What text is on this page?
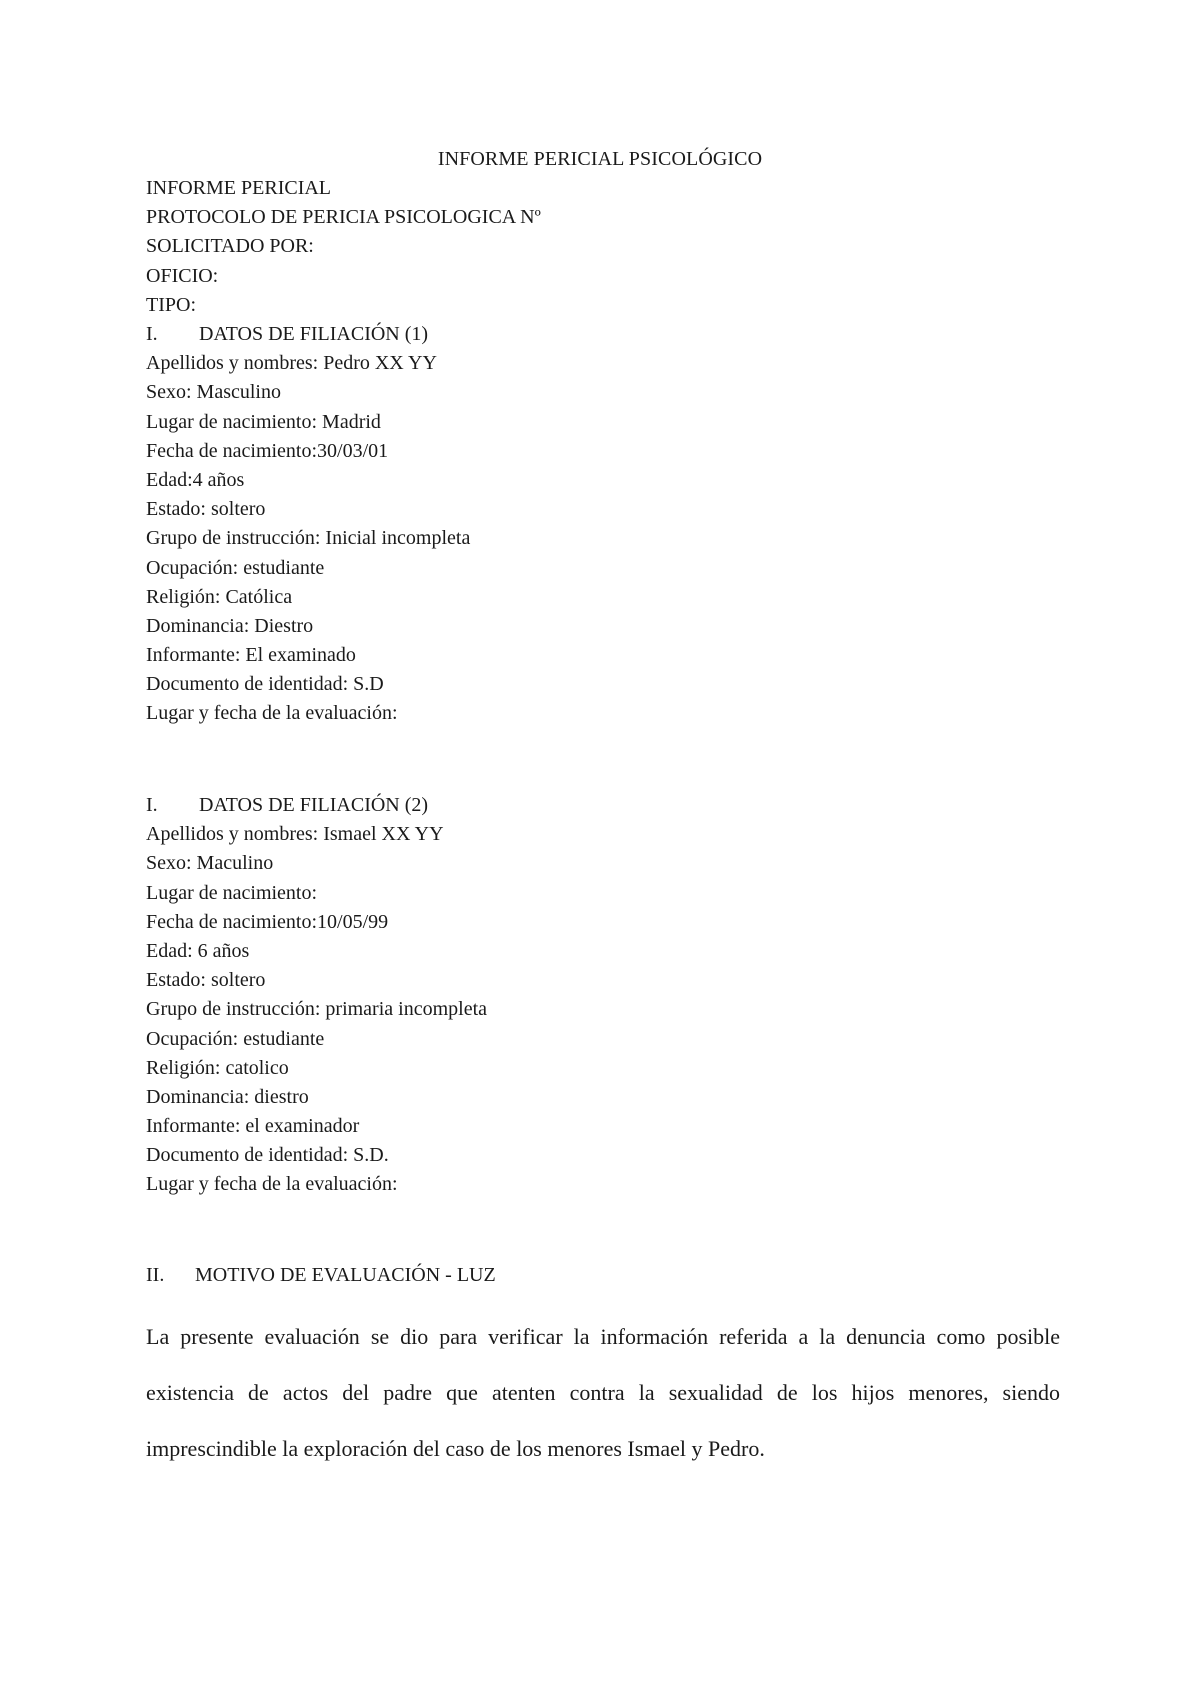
INFORME PERICIAL PSICOLÓGICO
INFORME PERICIAL
PROTOCOLO DE PERICIA PSICOLOGICA Nº
SOLICITADO POR:
OFICIO:
TIPO:
I. DATOS DE FILIACIÓN (1)
Apellidos y nombres: Pedro XX YY
Sexo: Masculino
Lugar de nacimiento: Madrid
Fecha de nacimiento:30/03/01
Edad:4 años
Estado: soltero
Grupo de instrucción: Inicial incompleta
Ocupación: estudiante
Religión: Católica
Dominancia: Diestro
Informante: El examinado
Documento de identidad: S.D
Lugar y fecha de la evaluación:
I. DATOS DE FILIACIÓN (2)
Apellidos y nombres: Ismael XX YY
Sexo: Maculino
Lugar de nacimiento:
Fecha de nacimiento:10/05/99
Edad: 6 años
Estado: soltero
Grupo de instrucción: primaria incompleta
Ocupación: estudiante
Religión: catolico
Dominancia: diestro
Informante: el examinador
Documento de identidad: S.D.
Lugar y fecha de la evaluación:
II. MOTIVO DE EVALUACIÓN - LUZ

La presente evaluación se dio para verificar la información referida a la denuncia como posible existencia de actos del padre que atenten contra la sexualidad de los hijos menores, siendo imprescindible la exploración del caso de los menores Ismael y Pedro.
